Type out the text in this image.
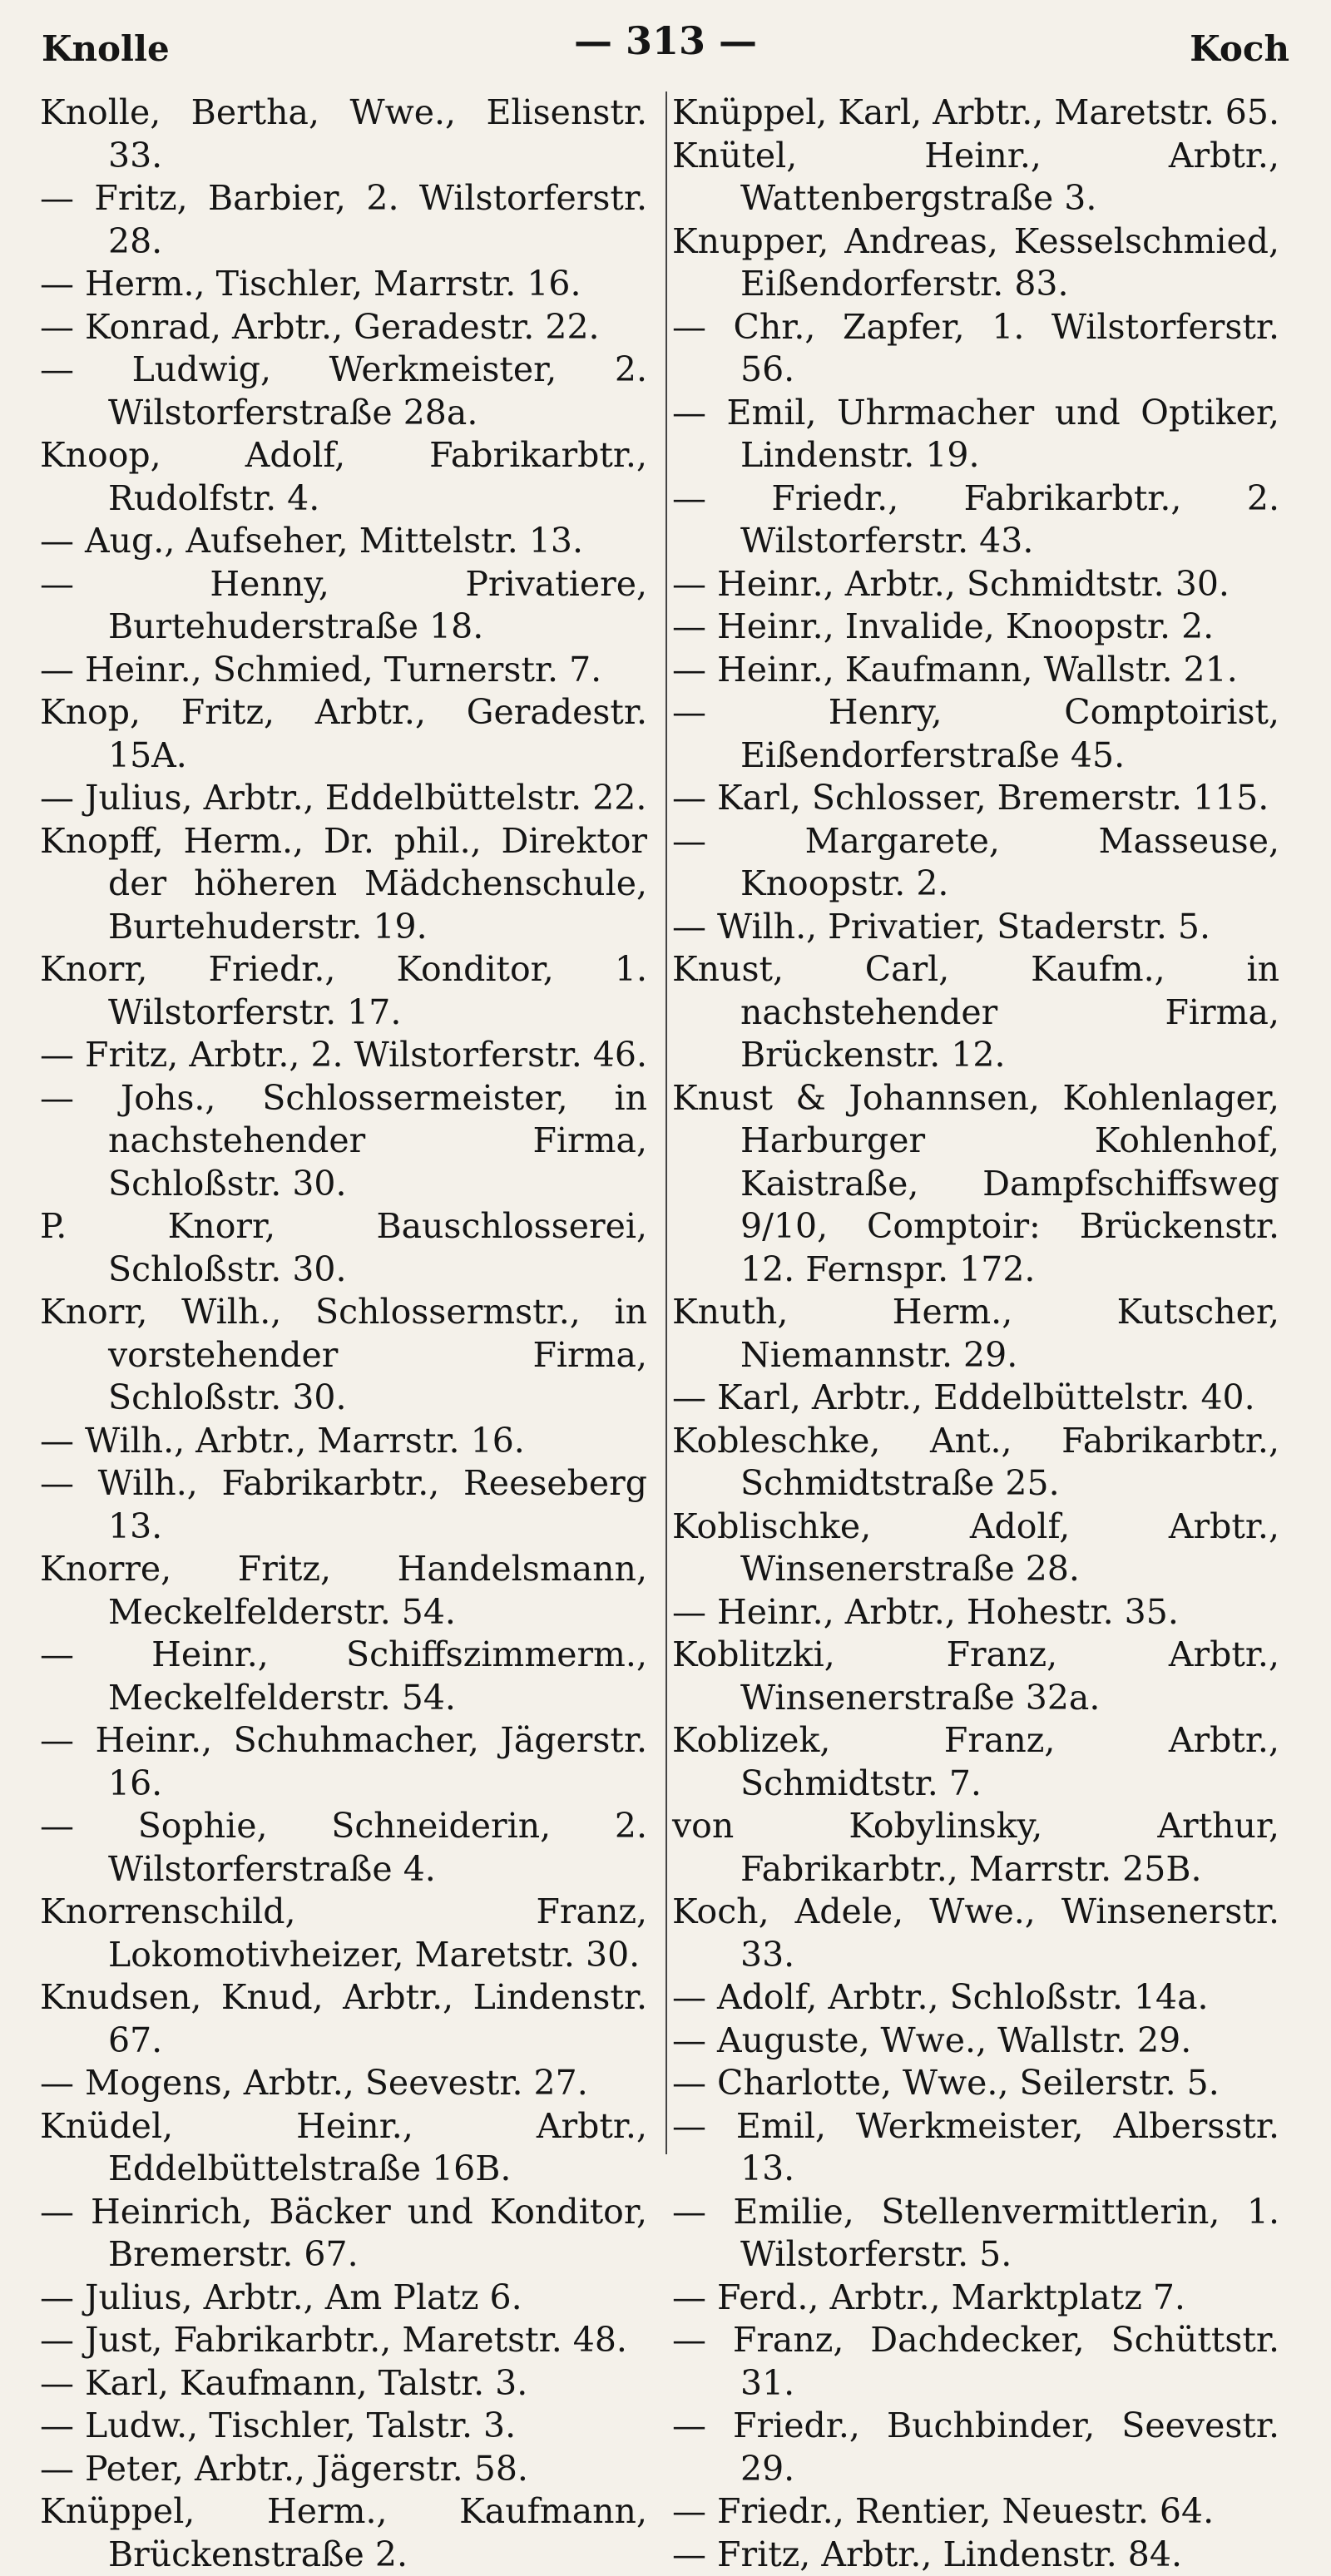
Knolle	— 313 —	Koch
Knolle, Bertha, Wwe., Elisenstr. 33.
— Fritz, Barbier, 2. Wilstorferstr. 28.
— Herm., Tischler, Marrstr. 16.
— Konrad, Arbtr., Geradestr. 22.
— Ludwig, Werkmeister, 2. Wilstorferstraße 28a.
Knoop, Adolf, Fabrikarbtr., Rudolfstr. 4.
— Aug., Aufseher, Mittelstr. 13.
— Henny, Privatiere, Burtehuderstraße 18.
— Heinr., Schmied, Turnerstr. 7.
Knop, Fritz, Arbtr., Geradestr. 15A.
— Julius, Arbtr., Eddelbüttelstr. 22.
Knopff, Herm., Dr. phil., Direktor der höheren Mädchenschule, Burtehuderstr. 19.
Knorr, Friedr., Konditor, 1. Wilstorferstr. 17.
— Fritz, Arbtr., 2. Wilstorferstr. 46.
— Johs., Schlossermeister, in nachstehender Firma, Schloßstr. 30.
P. Knorr, Bauschlosserei, Schloßstr. 30.
Knorr, Wilh., Schlossermstr., in vorstehender Firma, Schloßstr. 30.
— Wilh., Arbtr., Marrstr. 16.
— Wilh., Fabrikarbtr., Reeseberg 13.
Knorre, Fritz, Handelsmann, Meckelfelderstr. 54.
— Heinr., Schiffszimmerm., Meckelfelderstr. 54.
— Heinr., Schuhmacher, Jägerstr. 16.
— Sophie, Schneiderin, 2. Wilstorferstraße 4.
Knorrenschild, Franz, Lokomotivheizer, Maretstr. 30.
Knudsen, Knud, Arbtr., Lindenstr. 67.
— Mogens, Arbtr., Seevestr. 27.
Knüdel, Heinr., Arbtr., Eddelbüttelstraße 16B.
— Heinrich, Bäcker und Konditor, Bremerstr. 67.
— Julius, Arbtr., Am Platz 6.
— Just, Fabrikarbtr., Maretstr. 48.
— Karl, Kaufmann, Talstr. 3.
— Ludw., Tischler, Talstr. 3.
— Peter, Arbtr., Jägerstr. 58.
Knüppel, Herm., Kaufmann, Brückenstraße 2.
Knüppel, Karl, Arbtr., Maretstr. 65.
Knütel, Heinr., Arbtr., Wattenbergstraße 3.
Knupper, Andreas, Kesselschmied, Eißendorferstr. 83.
— Chr., Zapfer, 1. Wilstorferstr. 56.
— Emil, Uhrmacher und Optiker, Lindenstr. 19.
— Friedr., Fabrikarbtr., 2. Wilstorferstr. 43.
— Heinr., Arbtr., Schmidtstr. 30.
— Heinr., Invalide, Knoopstr. 2.
— Heinr., Kaufmann, Wallstr. 21.
— Henry, Comptoirist, Eißendorferstraße 45.
— Karl, Schlosser, Bremerstr. 115.
— Margarete, Masseuse, Knoopstr. 2.
— Wilh., Privatier, Staderstr. 5.
Knust, Carl, Kaufm., in nachstehender Firma, Brückenstr. 12.
Knust & Johannsen, Kohlenlager, Harburger Kohlenhof, Kaistraße, Dampfschiffsweg 9/10, Comptoir: Brückenstr. 12. Fernspr. 172.
Knuth, Herm., Kutscher, Niemannstr. 29.
— Karl, Arbtr., Eddelbüttelstr. 40.
Kobleschke, Ant., Fabrikarbtr., Schmidtstraße 25.
Koblischke, Adolf, Arbtr., Winsenerstraße 28.
— Heinr., Arbtr., Hohestr. 35.
Koblitzki, Franz, Arbtr., Winsenerstraße 32a.
Koblizek, Franz, Arbtr., Schmidtstr. 7.
von Kobylinsky, Arthur, Fabrikarbtr., Marrstr. 25B.
Koch, Adele, Wwe., Winsenerstr. 33.
— Adolf, Arbtr., Schloßstr. 14a.
— Auguste, Wwe., Wallstr. 29.
— Charlotte, Wwe., Seilerstr. 5.
— Emil, Werkmeister, Albersstr. 13.
— Emilie, Stellenvermittlerin, 1. Wilstorferstr. 5.
— Ferd., Arbtr., Marktplatz 7.
— Franz, Dachdecker, Schüttstr. 31.
— Friedr., Buchbinder, Seevestr. 29.
— Friedr., Rentier, Neuestr. 64.
— Fritz, Arbtr., Lindenstr. 84.
